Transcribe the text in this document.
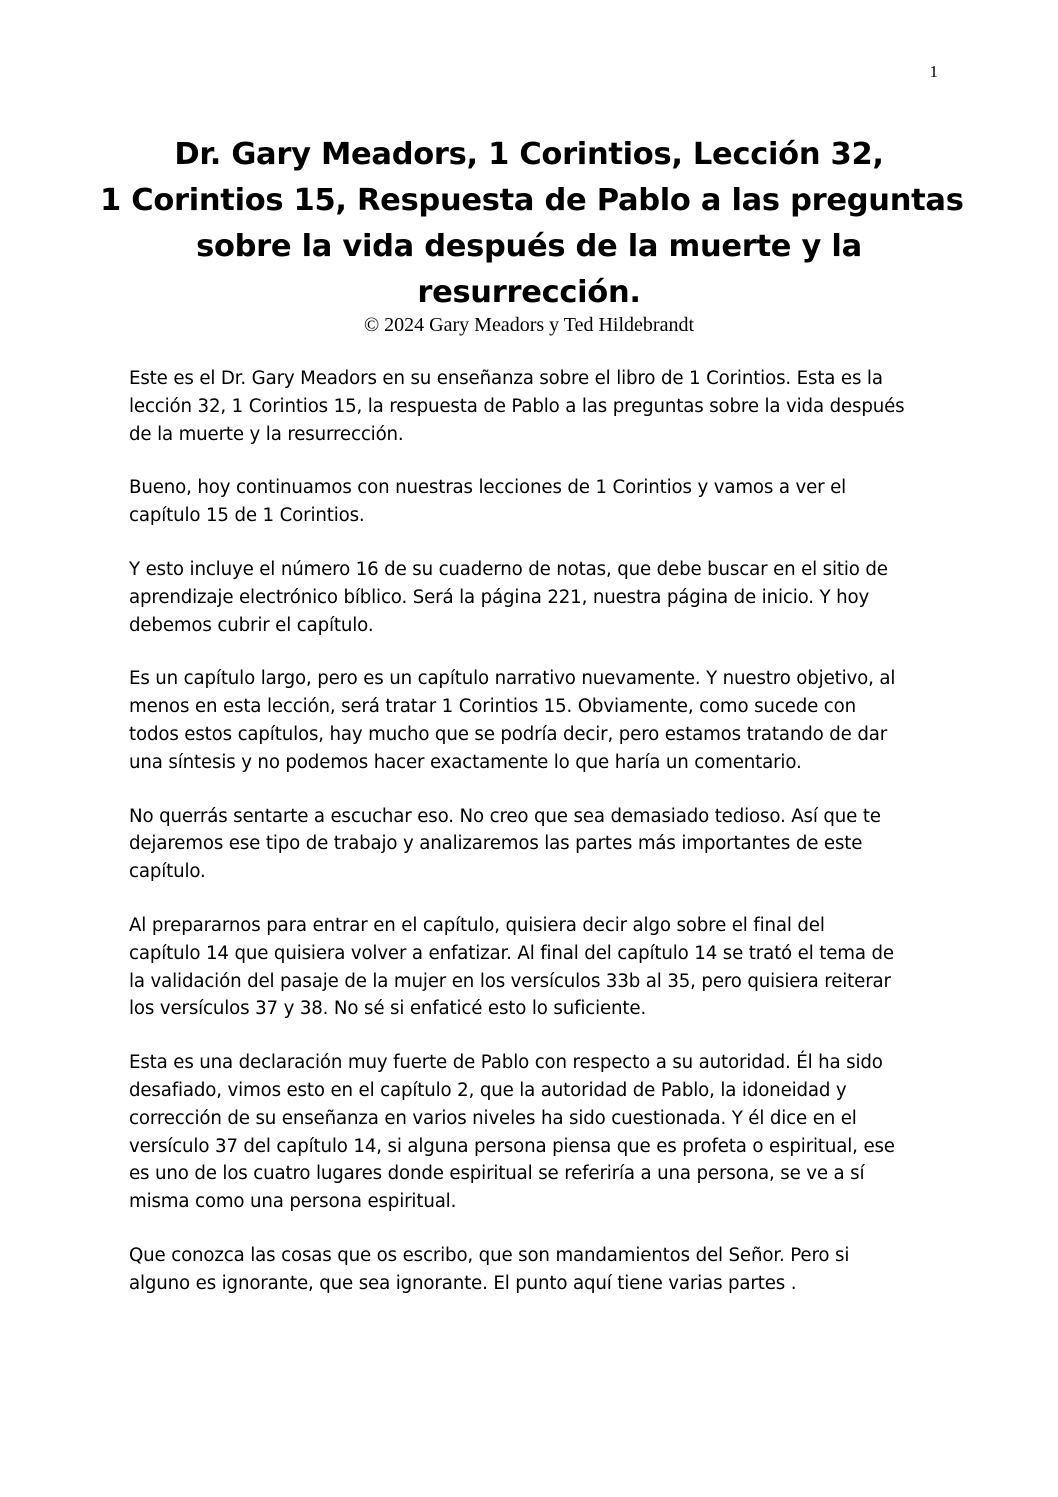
1
Dr. Gary Meadors, 1 Corintios, Lección 32,
1 Corintios 15, Respuesta de Pablo a las preguntas
sobre la vida después de la muerte y la
resurrección.

© 2024 Gary Meadors y Ted Hildebrandt

Este es el Dr. Gary Meadors en su enseñanza sobre el libro de 1 Corintios. Esta es la
lección 32, 1 Corintios 15, la respuesta de Pablo a las preguntas sobre la vida después
de la muerte y la resurrección.

Bueno, hoy continuamos con nuestras lecciones de 1 Corintios y vamos a ver el
capítulo 15 de 1 Corintios.

Y esto incluye el número 16 de su cuaderno de notas, que debe buscar en el sitio de
aprendizaje electrónico bíblico. Será la página 221, nuestra página de inicio. Y hoy
debemos cubrir el capítulo.

Es un capítulo largo, pero es un capítulo narrativo nuevamente. Y nuestro objetivo, al
menos en esta lección, será tratar 1 Corintios 15. Obviamente, como sucede con
todos estos capítulos, hay mucho que se podría decir, pero estamos tratando de dar
una síntesis y no podemos hacer exactamente lo que haría un comentario.

No querrás sentarte a escuchar eso. No creo que sea demasiado tedioso. Así que te
dejaremos ese tipo de trabajo y analizaremos las partes más importantes de este
capítulo.

Al prepararnos para entrar en el capítulo, quisiera decir algo sobre el final del
capítulo 14 que quisiera volver a enfatizar. Al final del capítulo 14 se trató el tema de
la validación del pasaje de la mujer en los versículos 33b al 35, pero quisiera reiterar
los versículos 37 y 38. No sé si enfaticé esto lo suficiente.

Esta es una declaración muy fuerte de Pablo con respecto a su autoridad. Él ha sido
desafiado, vimos esto en el capítulo 2, que la autoridad de Pablo, la idoneidad y
corrección de su enseñanza en varios niveles ha sido cuestionada. Y él dice en el
versículo 37 del capítulo 14, si alguna persona piensa que es profeta o espiritual, ese
es uno de los cuatro lugares donde espiritual se referiría a una persona, se ve a sí
misma como una persona espiritual.

Que conozca las cosas que os escribo, que son mandamientos del Señor. Pero si
alguno es ignorante, que sea ignorante. El punto aquí tiene varias partes .
